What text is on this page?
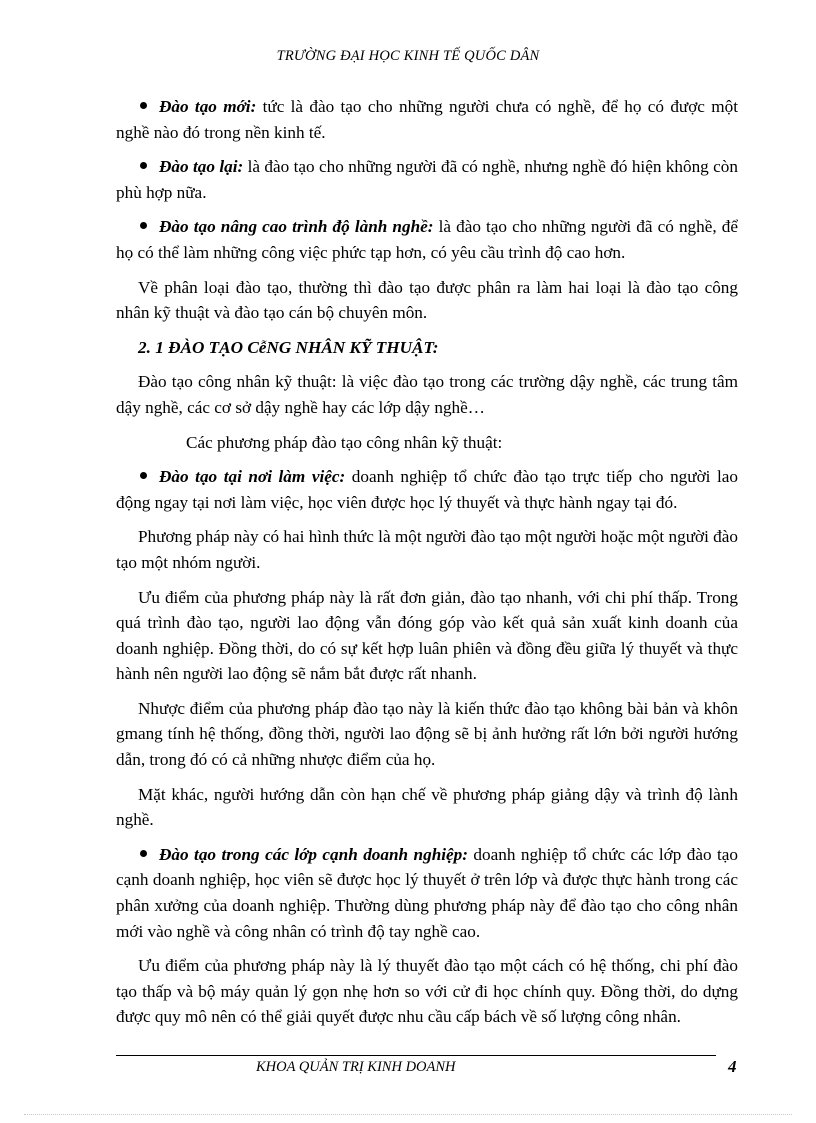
TRƯỜNG ĐẠI HỌC KINH TẾ QUỐC DÂN

Đào tạo mới: tức là đào tạo cho những người chưa có nghề, để họ có được một nghề nào đó trong nền kinh tế.

Đào tạo lại: là đào tạo cho những người đã có nghề, nhưng nghề đó hiện không còn phù hợp nữa.

Đào tạo nâng cao trình độ lành nghề: là đào tạo cho những người đã có nghề, để họ có thể làm những công việc phức tạp hơn, có yêu cầu trình độ cao hơn.

Về phân loại đào tạo, thường thì đào tạo được phân ra làm hai loại là đào tạo công nhân kỹ thuật và đào tạo cán bộ chuyên môn.

2. 1 ĐÀO TẠO CễNG NHÂN KỸ THUẬT:

Đào tạo công nhân kỹ thuật: là việc đào tạo trong các trường dậy nghề, các trung tâm dậy nghề, các cơ sở dậy nghề hay các lớp dậy nghề…

Các phương pháp đào tạo công nhân kỹ thuật:

Đào tạo tại nơi làm việc: doanh nghiệp tổ chức đào tạo trực tiếp cho người lao động ngay tại nơi làm việc, học viên được học lý thuyết và thực hành ngay tại đó.

Phương pháp này có hai hình thức là một người đào tạo một người hoặc một người đào tạo một nhóm người.

Ưu điểm của phương pháp này là rất đơn giản, đào tạo nhanh, với chi phí thấp. Trong quá trình đào tạo, người lao động vẫn đóng góp vào kết quả sản xuất kinh doanh của doanh nghiệp. Đồng thời, do có sự kết hợp luân phiên và đồng đều giữa lý thuyết và thực hành nên người lao động sẽ nắm bắt được rất nhanh.

Nhược điểm của phương pháp đào tạo này là kiến thức đào tạo không bài bản và khôn gmang tính hệ thống, đồng thời, người lao động sẽ bị ảnh hưởng rất lớn bởi người hướng dẫn, trong đó có cả những nhược điểm của họ.

Mặt khác, người hướng dẫn còn hạn chế về phương pháp giảng dậy và trình độ lành nghề.

Đào tạo trong các lớp cạnh doanh nghiệp: doanh nghiệp tổ chức các lớp đào tạo cạnh doanh nghiệp, học viên sẽ được học lý thuyết ở trên lớp và được thực hành trong các phân xưởng của doanh nghiệp. Thường dùng phương pháp này để đào tạo cho công nhân mới vào nghề và công nhân có trình độ tay nghề cao.

Ưu điểm của phương pháp này là lý thuyết đào tạo một cách có hệ thống, chi phí đào tạo thấp và bộ máy quản lý gọn nhẹ hơn so với cử đi học chính quy. Đồng thời, do dựng được quy mô nên có thể giải quyết được nhu cầu cấp bách về số lượng công nhân.

KHOA QUẢN TRỊ KINH DOANH	4
